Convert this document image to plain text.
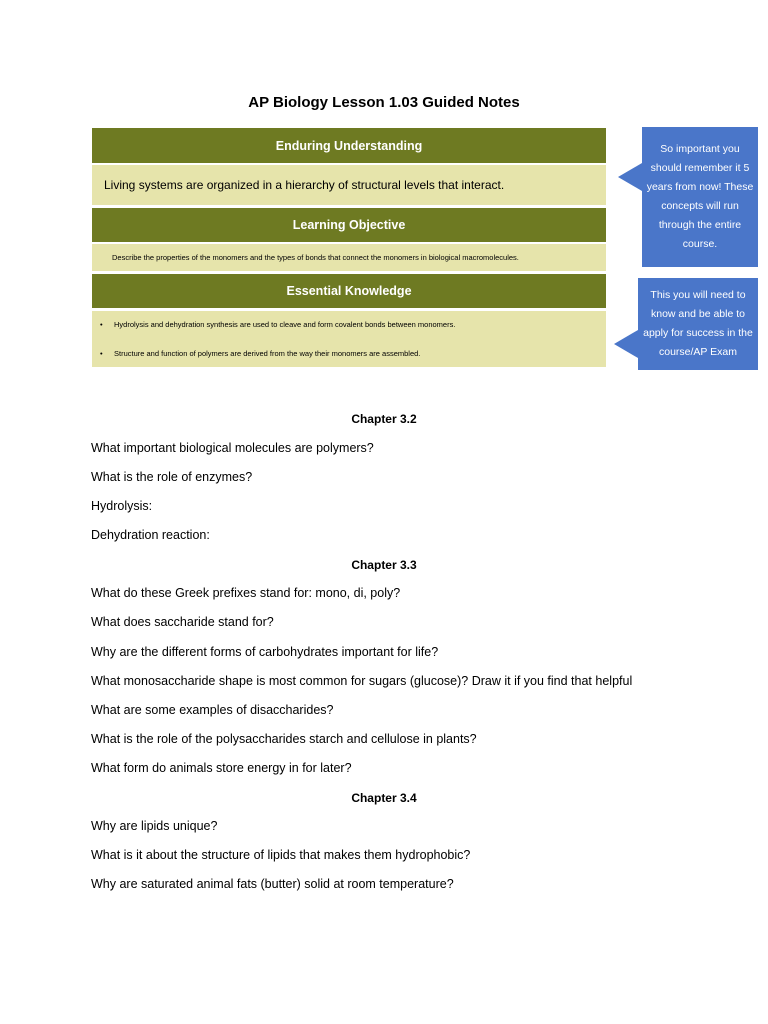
AP Biology Lesson 1.03 Guided Notes
Enduring Understanding
Living systems are organized in a hierarchy of structural levels that interact.
Learning Objective
Describe the properties of the monomers and the types of bonds that connect the monomers in biological macromolecules.
Essential Knowledge
• Hydrolysis and dehydration synthesis are used to cleave and form covalent bonds between monomers.
• Structure and function of polymers are derived from the way their monomers are assembled.
So important you should remember it 5 years from now! These concepts will run through the entire course.
This you will need to know and be able to apply for success in the course/AP Exam
Chapter 3.2
What important biological molecules are polymers?
What is the role of enzymes?
Hydrolysis:
Dehydration reaction:
Chapter 3.3
What do these Greek prefixes stand for: mono, di, poly?
What does saccharide stand for?
Why are the different forms of carbohydrates important for life?
What monosaccharide shape is most common for sugars (glucose)? Draw it if you find that helpful
What are some examples of disaccharides?
What is the role of the polysaccharides starch and cellulose in plants?
What form do animals store energy in for later?
Chapter 3.4
Why are lipids unique?
What is it about the structure of lipids that makes them hydrophobic?
Why are saturated animal fats (butter) solid at room temperature?
